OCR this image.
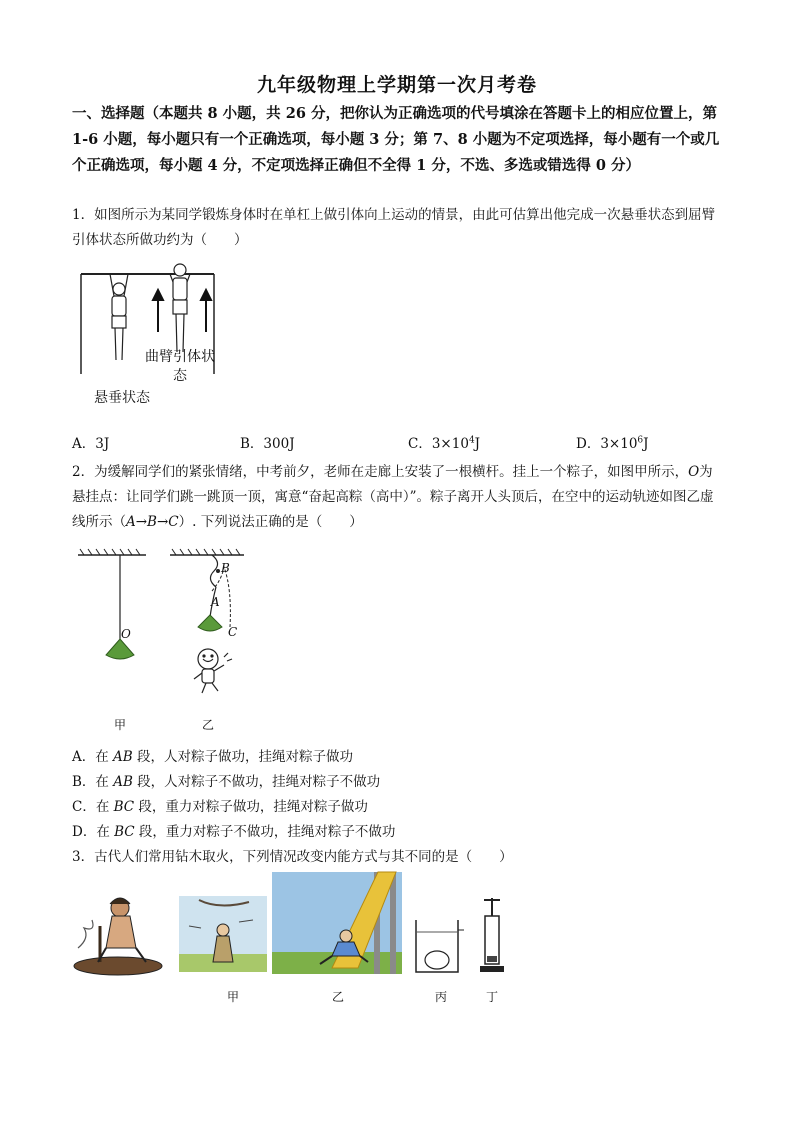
九年级物理上学期第一次月考卷
一、选择题（本题共 8 小题，共 26 分，把你认为正确选项的代号填涂在答题卡上的相应位置上，第 1-6 小题，每小题只有一个正确选项，每小题 3 分；第 7、8 小题为不定项选择，每小题有一个或几个正确选项，每小题 4 分，不定项选择正确但不全得 1 分，不选、多选或错选得 0 分）
1．如图所示为某同学锻炼身体时在单杠上做引体向上运动的情景，由此可估算出他完成一次悬垂状态到屈臂引体状态所做功约为（　　）
曲臂引体状态
悬垂状态
A．3J	B．300J	C．$3\times 10^4J$	D．$3\times 10^6J$
2．为缓解同学们的紧张情绪，中考前夕，老师在走廊上安装了一根横杆。挂上一个粽子，如图甲所示，O为悬挂点：让同学们跳一跳顶一顶，寓意“奋起高粽（高中）”。粽子离开人头顶后，在空中的运动轨迹如图乙虚线所示（A→B→C）. 下列说法正确的是（　　）
O
B
A
C
甲	乙
A．在 AB 段，人对粽子做功，挂绳对粽子做功
B．在 AB 段，人对粽子不做功，挂绳对粽子不做功
C．在 BC 段，重力对粽子做功，挂绳对粽子做功
D．在 BC 段，重力对粽子不做功，挂绳对粽子不做功
3．古代人们常用钻木取火，下列情况改变内能方式与其不同的是（　　）
甲	乙	丙	丁
